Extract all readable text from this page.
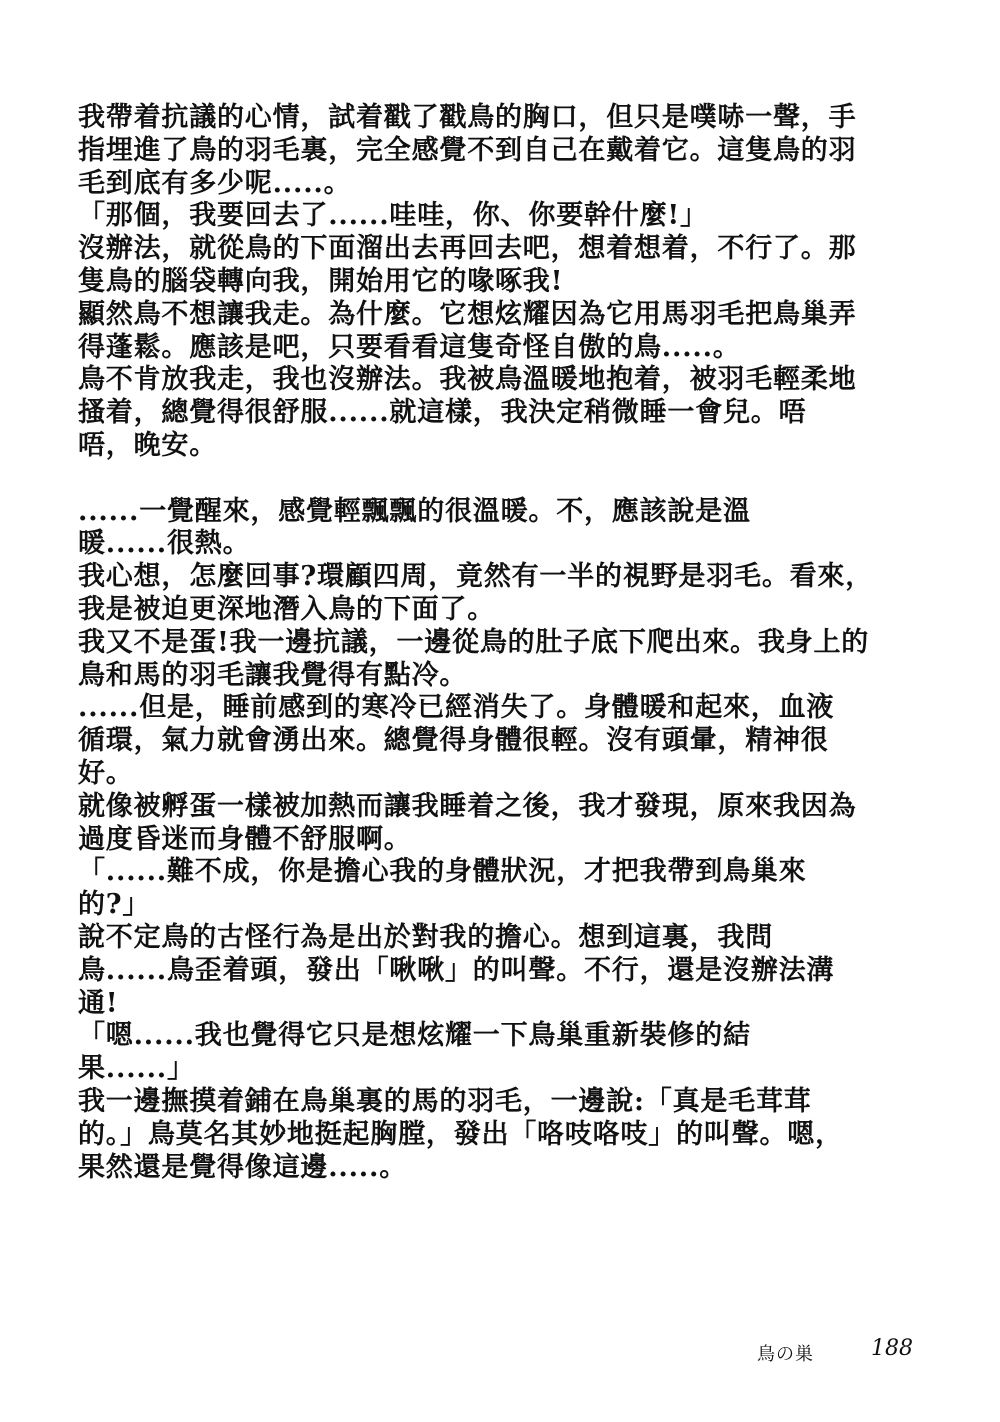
我帶着抗議的心情，試着戳了戳鳥的胸口，但只是噗哧一聲，手
指埋進了鳥的羽毛裏，完全感覺不到自己在戴着它。這隻鳥的羽
毛到底有多少呢.....。
「那個，我要回去了......哇哇，你、你要幹什麼!」
沒辦法，就從鳥的下面溜出去再回去吧，想着想着，不行了。那
隻鳥的腦袋轉向我，開始用它的喙啄我!
顯然鳥不想讓我走。為什麼。它想炫耀因為它用馬羽毛把鳥巢弄
得蓬鬆。應該是吧，只要看看這隻奇怪自傲的鳥.....。
鳥不肯放我走，我也沒辦法。我被鳥溫暖地抱着，被羽毛輕柔地
搔着，總覺得很舒服......就這樣，我決定稍微睡一會兒。唔
唔，晚安。
......一覺醒來，感覺輕飄飄的很溫暖。不，應該說是溫
暖......很熱。
我心想，怎麼回事?環顧四周，竟然有一半的視野是羽毛。看來，
我是被迫更深地潛入鳥的下面了。
我又不是蛋!我一邊抗議，一邊從鳥的肚子底下爬出來。我身上的
鳥和馬的羽毛讓我覺得有點冷。
......但是，睡前感到的寒冷已經消失了。身體暖和起來，血液
循環，氣力就會湧出來。總覺得身體很輕。沒有頭暈，精神很
好。
就像被孵蛋一樣被加熱而讓我睡着之後，我才發現，原來我因為
過度昏迷而身體不舒服啊。
「......難不成，你是擔心我的身體狀況，才把我帶到鳥巢來
的?」
說不定鳥的古怪行為是出於對我的擔心。想到這裏，我問
鳥......鳥歪着頭，發出「啾啾」的叫聲。不行，還是沒辦法溝
通!
「嗯......我也覺得它只是想炫耀一下鳥巢重新裝修的結
果......」
我一邊撫摸着鋪在鳥巢裏的馬的羽毛，一邊說:「真是毛茸茸
的。」鳥莫名其妙地挺起胸膛，發出「咯吱咯吱」的叫聲。嗯，
果然還是覺得像這邊.....。
鳥の巣	188
